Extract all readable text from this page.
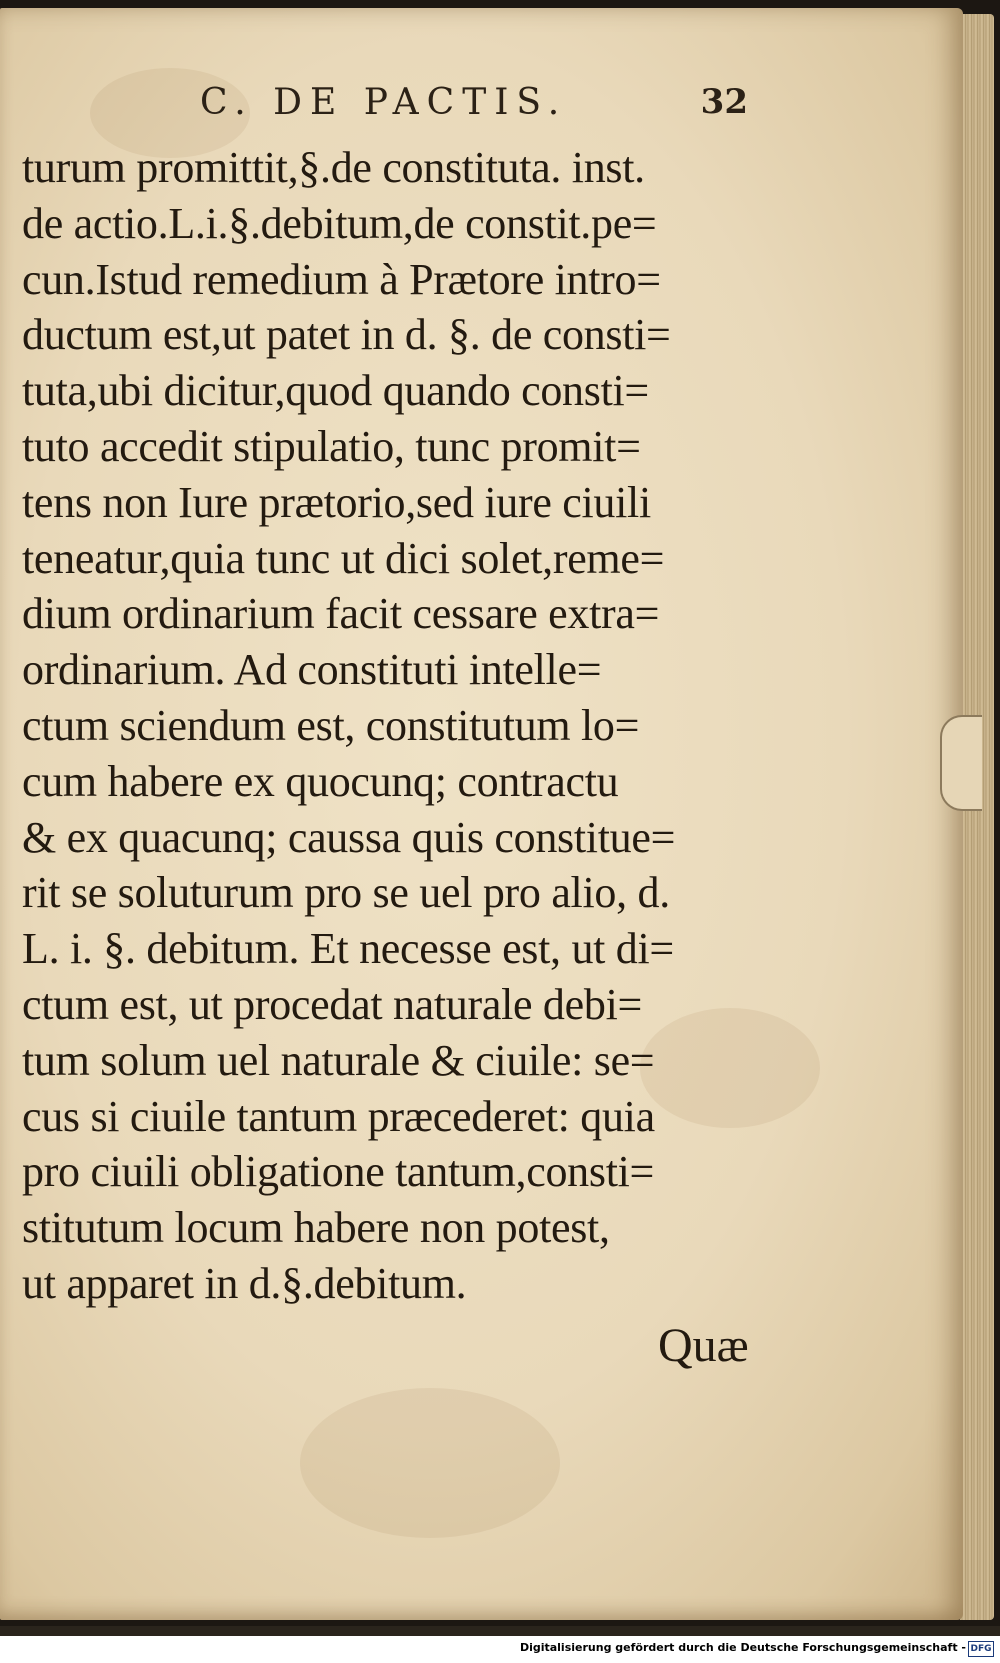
C. DE PACTIS.	32
turum promittit,§.de constituta. inst.
de actio.L.i.§.debitum,de constit.pe=
cun.Istud remedium à Prætore intro=
ductum est,ut patet in d. §. de consti=
tuta,ubi dicitur,quod quando consti=
tuto accedit stipulatio, tunc promit=
tens non Iure prætorio,sed iure ciuili
teneatur,quia tunc ut dici solet,reme=
dium ordinarium facit cessare extra=
ordinarium. Ad constituti intelle=
ctum sciendum est, constitutum lo=
cum habere ex quocunq; contractu
& ex quacunq; caussa quis constitue=
rit se soluturum pro se uel pro alio, d.
L. i. §. debitum. Et necesse est, ut di=
ctum est, ut procedat naturale debi=
tum solum uel naturale & ciuile: se=
cus si ciuile tantum præcederet: quia
pro ciuili obligatione tantum,consti=
stitutum locum habere non potest,
ut apparet in d.§.debitum.
Quæ
Digitalisierung gefördert durch die Deutsche Forschungsgemeinschaft - DFG
